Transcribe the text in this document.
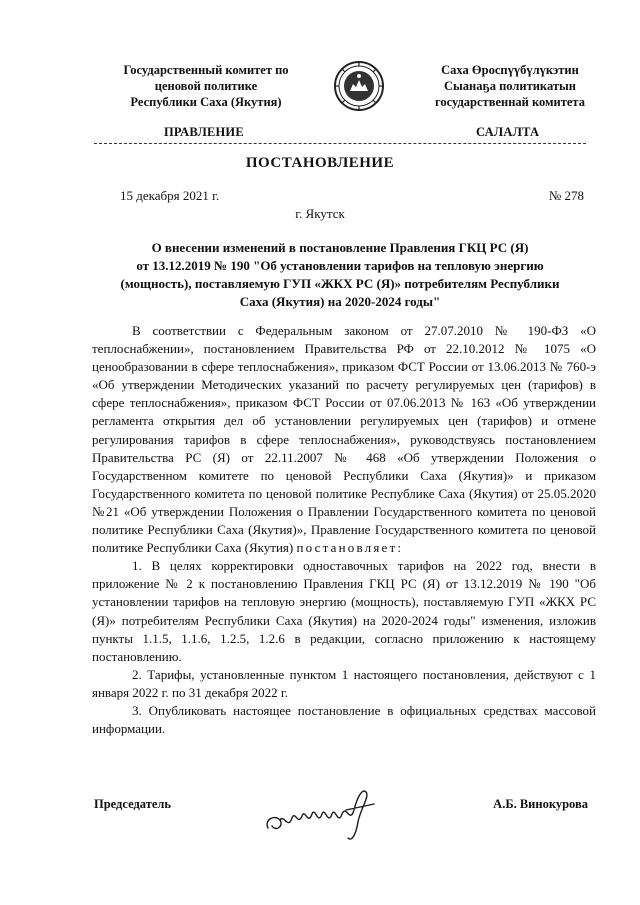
Государственный комитет по
ценовой политике
Республики Саха (Якутия)
Саха Өроспүүбүлүкэтин
Сыанаҕа политикатын
государственнай комитета
ПРАВЛЕНИЕ	САЛАЛТА
ПОСТАНОВЛЕНИЕ
15 декабря 2021 г.	№ 278
г. Якутск
О внесении изменений в постановление Правления ГКЦ РС (Я)
от 13.12.2019 № 190 "Об установлении тарифов на тепловую энергию
(мощность), поставляемую ГУП «ЖКХ РС (Я)» потребителям Республики
Саха (Якутия) на 2020-2024 годы"

В соответствии с Федеральным законом от 27.07.2010 № 190-ФЗ «О теплоснабжении», постановлением Правительства РФ от 22.10.2012 № 1075 «О ценообразовании в сфере теплоснабжения», приказом ФСТ России от 13.06.2013 № 760-э «Об утверждении Методических указаний по расчету регулируемых цен (тарифов) в сфере теплоснабжения», приказом ФСТ России от 07.06.2013 № 163 «Об утверждении регламента открытия дел об установлении регулируемых цен (тарифов) и отмене регулирования тарифов в сфере теплоснабжения», руководствуясь постановлением Правительства РС (Я) от 22.11.2007 № 468 «Об утверждении Положения о Государственном комитете по ценовой Республики Саха (Якутия)» и приказом Государственного комитета по ценовой политике Республике Саха (Якутия) от 25.05.2020 №21 «Об утверждении Положения о Правлении Государственного комитета по ценовой политике Республики Саха (Якутия)», Правление Государственного комитета по ценовой политике Республики Саха (Якутия) постановляет:

1. В целях корректировки одноставочных тарифов на 2022 год, внести в приложение № 2 к постановлению Правления ГКЦ РС (Я) от 13.12.2019 № 190 "Об установлении тарифов на тепловую энергию (мощность), поставляемую ГУП «ЖКХ РС (Я)» потребителям Республики Саха (Якутия) на 2020-2024 годы" изменения, изложив пункты 1.1.5, 1.1.6, 1.2.5, 1.2.6 в редакции, согласно приложению к настоящему постановлению.

2. Тарифы, установленные пунктом 1 настоящего постановления, действуют с 1 января 2022 г. по 31 декабря 2022 г.

3. Опубликовать настоящее постановление в официальных средствах массовой информации.

Председатель	А.Б. Винокурова
